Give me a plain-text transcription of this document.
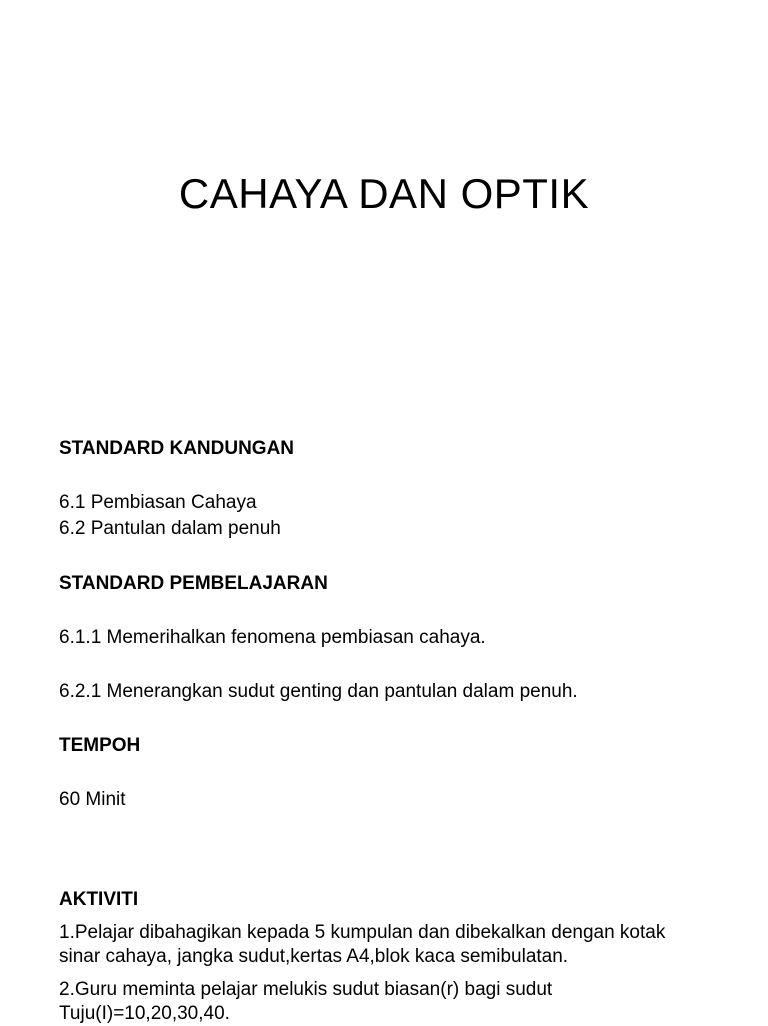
CAHAYA DAN OPTIK
STANDARD KANDUNGAN
6.1 Pembiasan Cahaya
6.2 Pantulan dalam penuh
STANDARD PEMBELAJARAN
6.1.1 Memerihalkan fenomena pembiasan cahaya.
6.2.1 Menerangkan sudut genting dan pantulan dalam penuh.
TEMPOH
60 Minit
AKTIVITI
1.Pelajar dibahagikan kepada 5 kumpulan dan dibekalkan dengan kotak
sinar cahaya, jangka sudut,kertas A4,blok kaca semibulatan.
2.Guru meminta pelajar melukis sudut biasan(r) bagi sudut
Tuju(I)=10,20,30,40.
